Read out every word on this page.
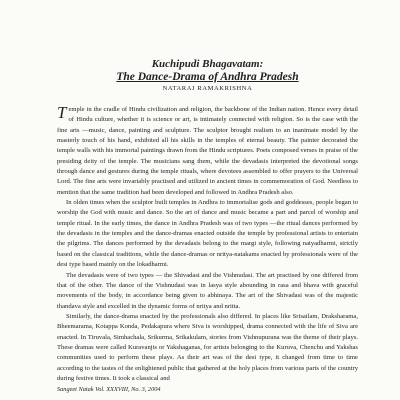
Kuchipudi Bhagavatam:
The Dance-Drama of Andhra Pradesh
NATARAJ RAMAKRISHNA

Temple in the cradle of Hindu civilization and religion, the backbone of the Indian nation. Hence every detail of Hindu culture, whether it is science or art, is intimately connected with religion. So is the case with the fine arts —music, dance, painting and sculpture. The sculptor brought realism to an inanimate model by the masterly touch of his hand, exhibited all his skills in the temples of eternal beauty. The painter decorated the temple walls with his immortal paintings drawn from the Hindu scriptures. Poets composed verses in praise of the presiding deity of the temple. The musicians sang them, while the devadasis interpreted the devotional songs through dance and gestures during the temple rituals, where devotees assembled to offer prayers to the Universal Lord. The fine arts were invariably practised and utilized in ancient times in commemoration of God. Needless to mention that the same tradition had been developed and followed in Andhra Pradesh also.

In olden times when the sculptor built temples in Andhra to immortalise gods and goddesses, people began to worship the God with music and dance. So the art of dance and music became a part and parcel of worship and temple ritual. In the early times, the dance in Andhra Pradesh was of two types —the ritual dances performed by the devadasis in the temples and the dance-dramas enacted outside the temple by professional artists to entertain the pilgrims. The dances performed by the devadasis belong to the margi style, following natyadharmi, strictly based on the classical traditions, while the dance-dramas or nritya-natakams enacted by professionals were of the desi type based mainly on the lokadharmi.

The devadasis were of two types — the Shivadasi and the Vishnudasi. The art practised by one differed from that of the other. The dance of the Vishnudasi was in lasya style abounding in rasa and bhava with graceful movements of the body, in accordance being given to abhinaya. The art of the Shivadasi was of the majestic thandava style and excelled in the dynamic forms of nritya and nritta.

Similarly, the dance-drama enacted by the professionals also differed. In places like Srisailam, Draksharama, Bheemarama, Kotappa Konda, Pedakapura where Siva is worshipped, drama connected with the life of Siva are enacted. In Tiruvala, Simhachala, Srikurma, Srikakulam, stories from Vishnupurana was the theme of their plays. These dramas were called Kuravanjis or Yakshaganas, for artists belonging to the Kuruva, Chenchu and Yakshas communities used to perform these plays. As their art was of the desi type, it changed from time to time according to the tastes of the enlightened public that gathered at the holy places from various parts of the country during festive times. It took a classical and

Sangeet Natak Vol. XXXVIII, No. 3, 2004
